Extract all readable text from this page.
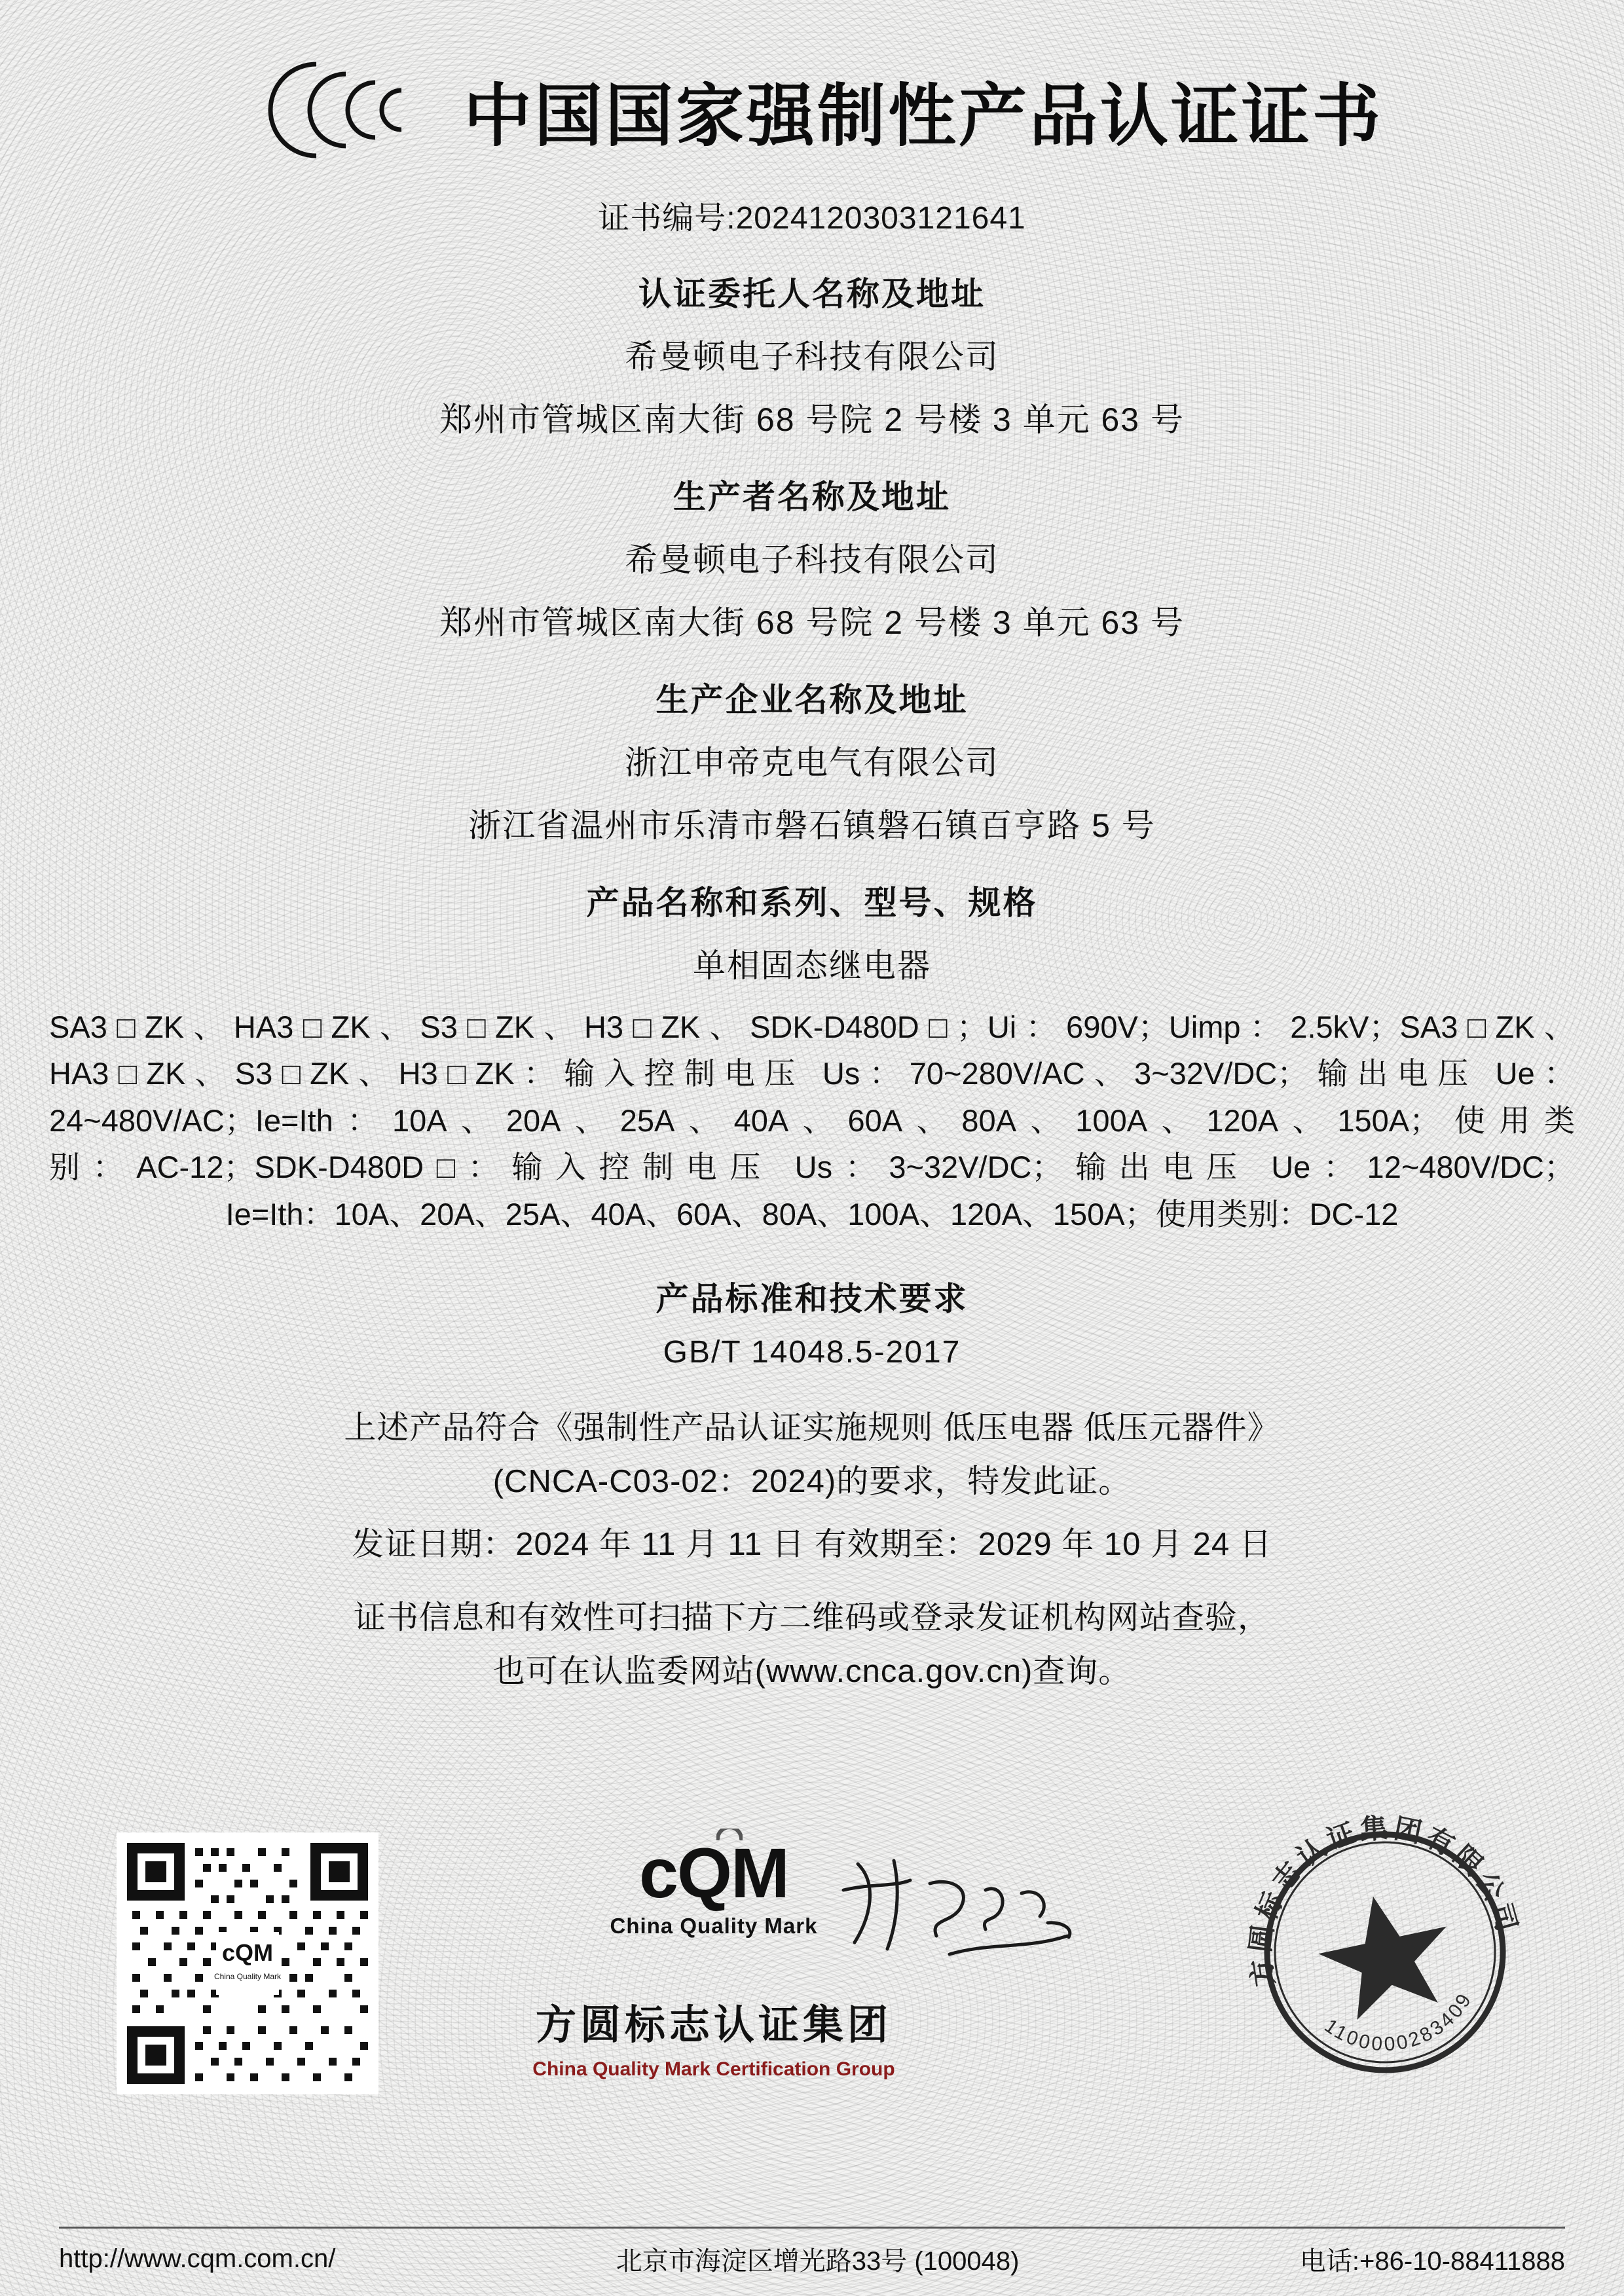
中国国家强制性产品认证证书
证书编号:2024120303121641
认证委托人名称及地址
希曼顿电子科技有限公司
郑州市管城区南大街 68 号院 2 号楼 3 单元 63 号
生产者名称及地址
希曼顿电子科技有限公司
郑州市管城区南大街 68 号院 2 号楼 3 单元 63 号
生产企业名称及地址
浙江申帝克电气有限公司
浙江省温州市乐清市磐石镇磐石镇百亨路 5 号
产品名称和系列、型号、规格
单相固态继电器
SA3□ZK、HA3□ZK、S3□ZK、H3□ZK、SDK-D480D□；Ui：690V；Uimp：2.5kV；SA3□ZK、
HA3□ZK、S3□ZK、H3□ZK：输入控制电压 Us：70~280V/AC、3~32V/DC；输出电压 Ue：
24~480V/AC；Ie=Ith：10A、20A、25A、40A、60A、80A、100A、120A、150A；使用类
别：AC-12；SDK-D480D□：输入控制电压 Us：3~32V/DC；输出电压 Ue：12~480V/DC；
Ie=Ith：10A、20A、25A、40A、60A、80A、100A、120A、150A；使用类别：DC-12
产品标准和技术要求
GB/T 14048.5-2017
上述产品符合《强制性产品认证实施规则 低压电器 低压元器件》
(CNCA-C03-02：2024)的要求，特发此证。
发证日期：2024 年 11 月 11 日 有效期至：2029 年 10 月 24 日
证书信息和有效性可扫描下方二维码或登录发证机构网站查验，
也可在认监委网站(www.cnca.gov.cn)查询。
cQM
China Quality Mark
cQM
China Quality Mark
方圆标志认证集团
China Quality Mark Certification Group
方圆标志认证集团有限公司
1100000283409
http://www.cqm.com.cn/	北京市海淀区增光路33号 (100048)	电话:+86-10-88411888
